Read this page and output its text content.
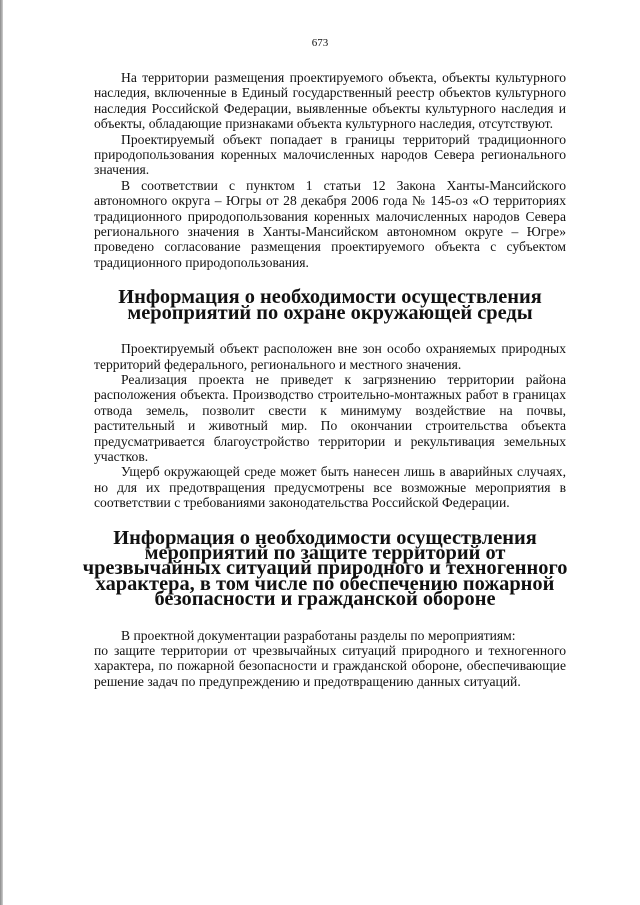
673

На территории размещения проектируемого объекта, объекты культурного наследия, включенные в Единый государственный реестр объектов культурного наследия Российской Федерации, выявленные объекты культурного наследия и объекты, обладающие признаками объекта культурного наследия, отсутствуют.

Проектируемый объект попадает в границы территорий традиционного природопользования коренных малочисленных народов Севера регионального значения.

В соответствии с пунктом 1 статьи 12 Закона Ханты-Мансийского автономного округа – Югры от 28 декабря 2006 года № 145-оз «О территориях традиционного природопользования коренных малочисленных народов Севера регионального значения в Ханты-Мансийском автономном округе – Югре» проведено согласование размещения проектируемого объекта с субъектом традиционного природопользования.

Информация о необходимости осуществления мероприятий по охране окружающей среды

Проектируемый объект расположен вне зон особо охраняемых природных территорий федерального, регионального и местного значения.

Реализация проекта не приведет к загрязнению территории района расположения объекта. Производство строительно-монтажных работ в границах отвода земель, позволит свести к минимуму воздействие на почвы, растительный и животный мир. По окончании строительства объекта предусматривается благоустройство территории и рекультивация земельных участков.

Ущерб окружающей среде может быть нанесен лишь в аварийных случаях, но для их предотвращения предусмотрены все возможные мероприятия в соответствии с требованиями законодательства Российской Федерации.

Информация о необходимости осуществления мероприятий по защите территорий от чрезвычайных ситуаций природного и техногенного характера, в том числе по обеспечению пожарной безопасности и гражданской обороне

В проектной документации разработаны разделы по мероприятиям:

по защите территории от чрезвычайных ситуаций природного и техногенного характера, по пожарной безопасности и гражданской обороне, обеспечивающие решение задач по предупреждению и предотвращению данных ситуаций.
